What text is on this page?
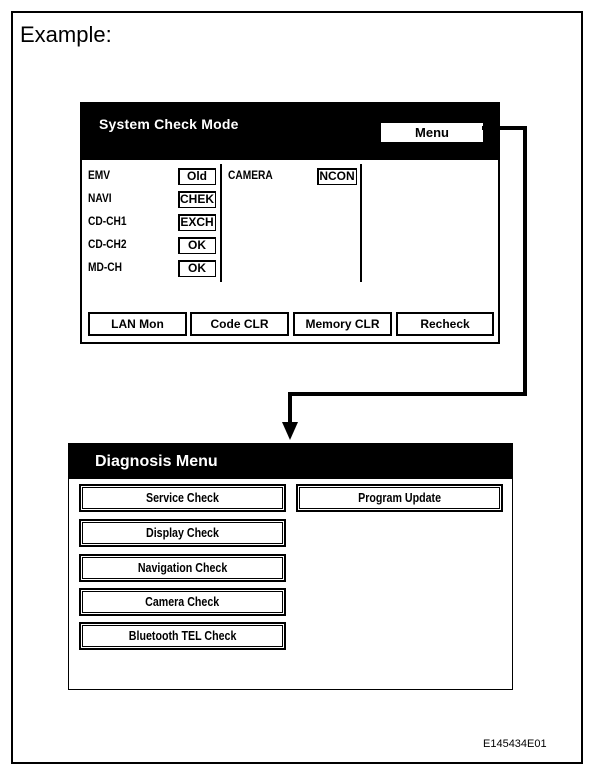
Example:
System Check Mode
Menu
EMV	Old
NAVI	CHEK
CD-CH1	EXCH
CD-CH2	OK
MD-CH	OK
CAMERA	NCON
LAN Mon	Code CLR	Memory CLR	Recheck
Diagnosis Menu
Service Check
Display Check
Navigation Check
Camera Check
Bluetooth TEL Check
Program Update
E145434E01
